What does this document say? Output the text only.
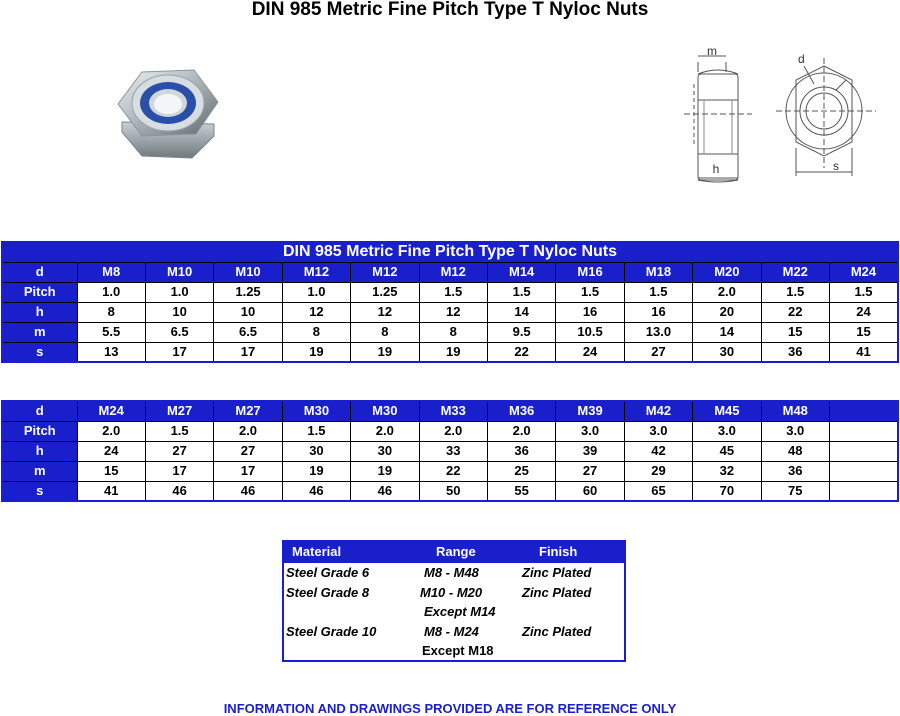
DIN 985 Metric Fine Pitch Type T Nyloc Nuts
m
h
d
s
DIN 985 Metric Fine Pitch Type T Nyloc Nuts												
d	M8	M10	M10	M12	M12	M12	M14	M16	M18	M20	M22	M24
Pitch	1.0	1.0	1.25	1.0	1.25	1.5	1.5	1.5	1.5	2.0	1.5	1.5
h	8	10	10	12	12	12	14	16	16	20	22	24
m	5.5	6.5	6.5	8	8	8	9.5	10.5	13.0	14	15	15
s	13	17	17	19	19	19	22	24	27	30	36	41
d	M24	M27	M27	M30	M30	M33	M36	M39	M42	M45	M48	
Pitch	2.0	1.5	2.0	1.5	2.0	2.0	2.0	3.0	3.0	3.0	3.0	
h	24	27	27	30	30	33	36	39	42	45	48	
m	15	17	17	19	19	22	25	27	29	32	36	
s	41	46	46	46	46	50	55	60	65	70	75	
Material	Range	Finish
Steel Grade 6	M8 - M48	Zinc Plated
Steel Grade 8	M10 - M20	Zinc Plated
Except M14
Steel Grade 10	M8 - M24	Zinc Plated
Except M18
INFORMATION AND DRAWINGS PROVIDED ARE FOR REFERENCE ONLY
